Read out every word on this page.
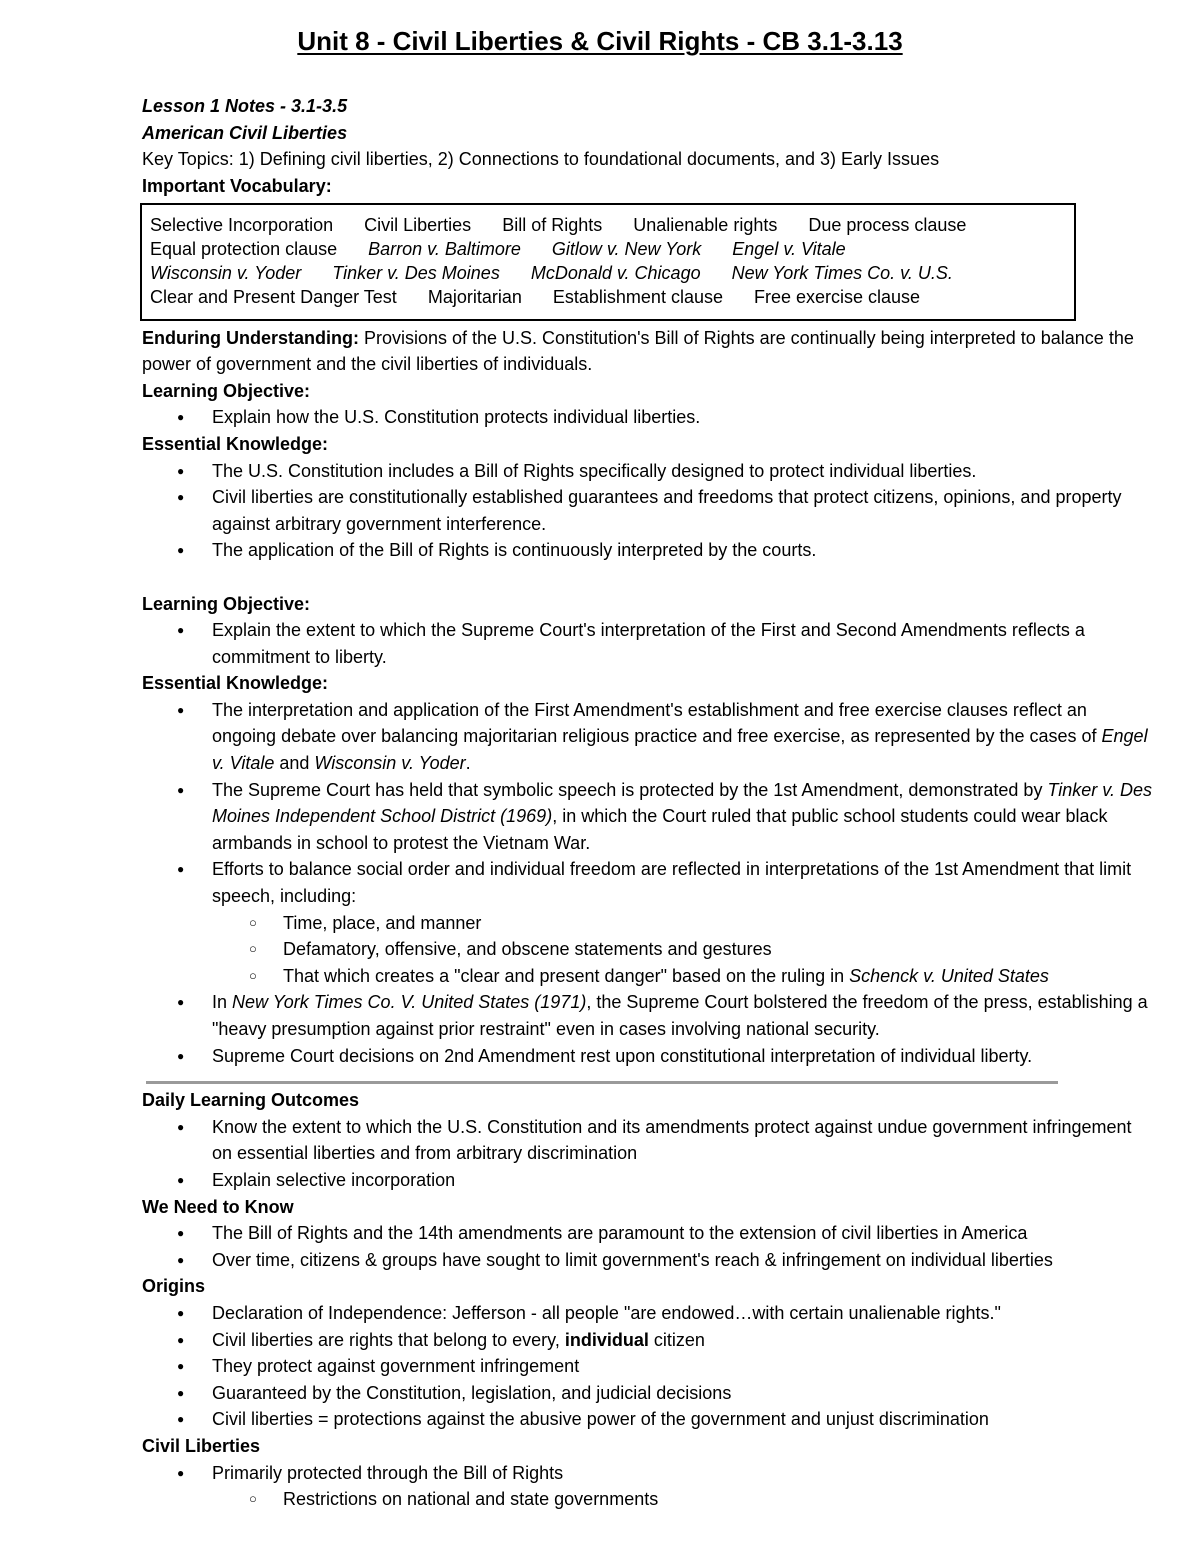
Unit 8 - Civil Liberties & Civil Rights - CB 3.1-3.13
Lesson 1 Notes - 3.1-3.5
American Civil Liberties
Key Topics: 1) Defining civil liberties, 2) Connections to foundational documents, and 3) Early Issues
Important Vocabulary:
Selective Incorporation Civil Liberties Bill of Rights Unalienable rights Due process clause
Equal protection clause Barron v. Baltimore Gitlow v. New York Engel v. Vitale
Wisconsin v. Yoder Tinker v. Des Moines McDonald v. Chicago New York Times Co. v. U.S.
Clear and Present Danger Test Majoritarian Establishment clause Free exercise clause
Enduring Understanding: Provisions of the U.S. Constitution's Bill of Rights are continually being interpreted to balance the power of government and the civil liberties of individuals.
Learning Objective:
● Explain how the U.S. Constitution protects individual liberties.
Essential Knowledge:
● The U.S. Constitution includes a Bill of Rights specifically designed to protect individual liberties.
● Civil liberties are constitutionally established guarantees and freedoms that protect citizens, opinions, and property against arbitrary government interference.
● The application of the Bill of Rights is continuously interpreted by the courts.
Learning Objective:
● Explain the extent to which the Supreme Court's interpretation of the First and Second Amendments reflects a commitment to liberty.
Essential Knowledge:
● The interpretation and application of the First Amendment's establishment and free exercise clauses reflect an ongoing debate over balancing majoritarian religious practice and free exercise, as represented by the cases of Engel v. Vitale and Wisconsin v. Yoder.
● The Supreme Court has held that symbolic speech is protected by the 1st Amendment, demonstrated by Tinker v. Des Moines Independent School District (1969), in which the Court ruled that public school students could wear black armbands in school to protest the Vietnam War.
● Efforts to balance social order and individual freedom are reflected in interpretations of the 1st Amendment that limit speech, including:
○ Time, place, and manner
○ Defamatory, offensive, and obscene statements and gestures
○ That which creates a "clear and present danger" based on the ruling in Schenck v. United States
● In New York Times Co. V. United States (1971), the Supreme Court bolstered the freedom of the press, establishing a "heavy presumption against prior restraint" even in cases involving national security.
● Supreme Court decisions on 2nd Amendment rest upon constitutional interpretation of individual liberty.
Daily Learning Outcomes
● Know the extent to which the U.S. Constitution and its amendments protect against undue government infringement on essential liberties and from arbitrary discrimination
● Explain selective incorporation
We Need to Know
● The Bill of Rights and the 14th amendments are paramount to the extension of civil liberties in America
● Over time, citizens & groups have sought to limit government's reach & infringement on individual liberties
Origins
● Declaration of Independence: Jefferson - all people "are endowed…with certain unalienable rights."
● Civil liberties are rights that belong to every, individual citizen
● They protect against government infringement
● Guaranteed by the Constitution, legislation, and judicial decisions
● Civil liberties = protections against the abusive power of the government and unjust discrimination
Civil Liberties
● Primarily protected through the Bill of Rights
○ Restrictions on national and state governments
